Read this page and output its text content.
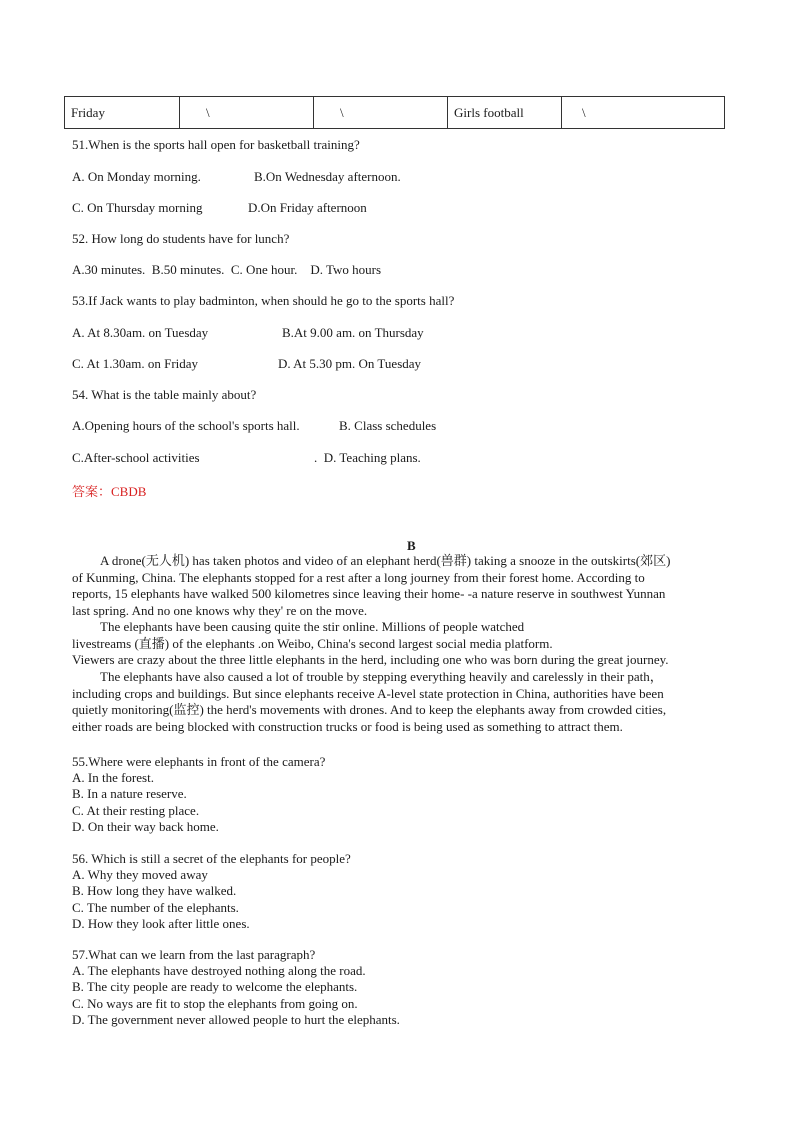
Friday	\	\	Girls football	\
51.When is the sports hall open for basketball training?
A. On Monday morning.	B.On Wednesday afternoon.
C. On Thursday morning	D.On Friday afternoon
52. How long do students have for lunch?
A.30 minutes.  B.50 minutes.  C. One hour.    D. Two hours
53.If Jack wants to play badminton, when should he go to the sports hall?
A. At 8.30am. on Tuesday	B.At 9.00 am. on Thursday
C. At 1.30am. on Friday	D. At 5.30 pm. On Tuesday
54. What is the table mainly about?
A.Opening hours of the school's sports hall.	B. Class schedules
C.After-school activities	.  D. Teaching plans.
答案：CBDB
B
A drone(无人机) has taken photos and video of an elephant herd(兽群) taking a snooze in the outskirts(郊区)
of Kunming, China. The elephants stopped for a rest after a long journey from their forest home. According to
reports, 15 elephants have walked 500 kilometres since leaving their home- -a nature reserve in southwest Yunnan
last spring. And no one knows why they' re on the move.
The elephants have been causing quite the stir online. Millions of people watched
livestreams (直播) of the elephants .on Weibo, China's second largest social media platform.
Viewers are crazy about the three little elephants in the herd, including one who was born during the great journey.
The elephants have also caused a lot of trouble by stepping everything heavily and carelessly in their path，
including crops and buildings. But since elephants receive A-level state protection in China, authorities have been
quietly monitoring(监控) the herd's movements with drones. And to keep the elephants away from crowded cities,
either roads are being blocked with construction trucks or food is being used as something to attract them.
55.Where were elephants in front of the camera?
A. In the forest.
B. In a nature reserve.
C. At their resting place.
D. On their way back home.
56. Which is still a secret of the elephants for people?
A. Why they moved away
B. How long they have walked.
C. The number of the elephants.
D. How they look after little ones.
57.What can we learn from the last paragraph?
A. The elephants have destroyed nothing along the road.
B. The city people are ready to welcome the elephants.
C. No ways are fit to stop the elephants from going on.
D. The government never allowed people to hurt the elephants.
